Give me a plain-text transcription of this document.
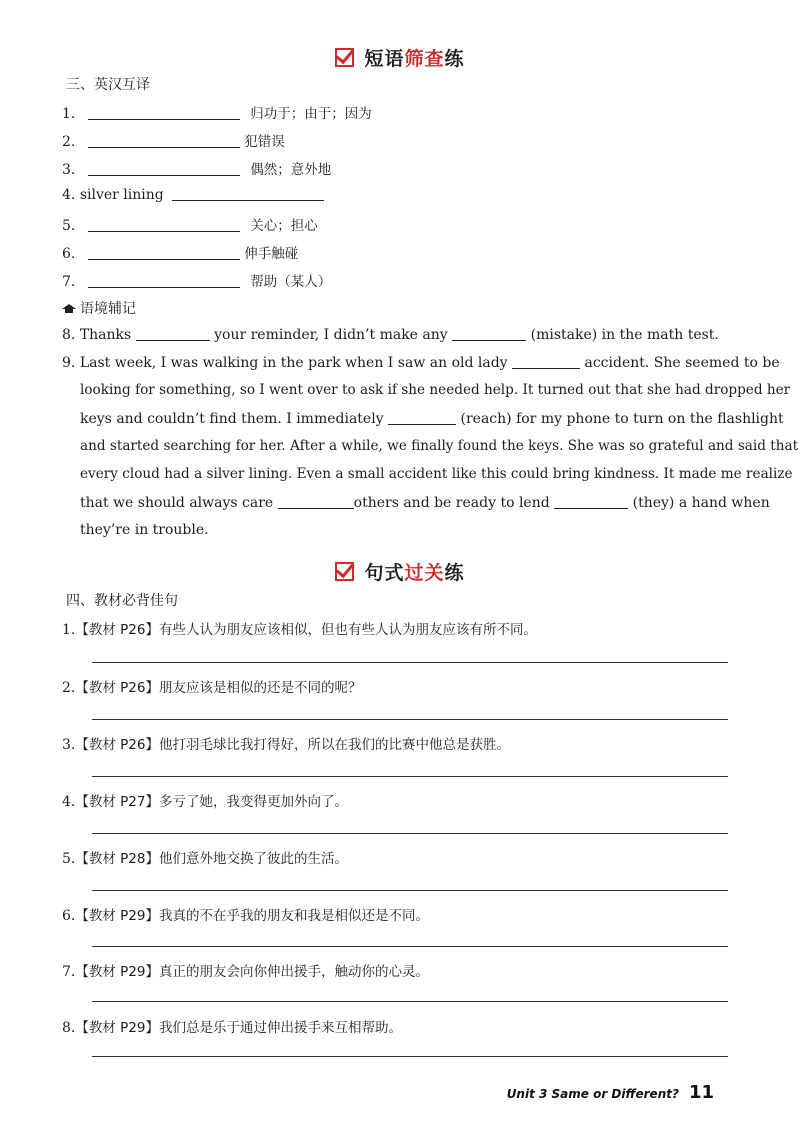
短语筛查练
三、英汉互译
1.	归功于；由于；因为
2.	犯错误
3.	偶然；意外地
4. silver lining
5.	关心；担心
6.	伸手触碰
7.	帮助（某人）
语境辅记
8. Thanks	your reminder, I didn’t make any	(mistake) in the math test.
9. Last week, I was walking in the park when I saw an old lady	accident. She seemed to be
looking for something, so I went over to ask if she needed help. It turned out that she had dropped her
keys and couldn’t find them. I immediately	(reach) for my phone to turn on the flashlight
and started searching for her. After a while, we finally found the keys. She was so grateful and said that
every cloud had a silver lining. Even a small accident like this could bring kindness. It made me realize
that we should always care	others and be ready to lend	(they) a hand when
they’re in trouble.
句式过关练
四、教材必背佳句
1.【教材 P26】有些人认为朋友应该相似，但也有些人认为朋友应该有所不同。
2.【教材 P26】朋友应该是相似的还是不同的呢？
3.【教材 P26】他打羽毛球比我打得好，所以在我们的比赛中他总是获胜。
4.【教材 P27】多亏了她，我变得更加外向了。
5.【教材 P28】他们意外地交换了彼此的生活。
6.【教材 P29】我真的不在乎我的朋友和我是相似还是不同。
7.【教材 P29】真正的朋友会向你伸出援手，触动你的心灵。
8.【教材 P29】我们总是乐于通过伸出援手来互相帮助。
Unit 3 Same or Different? 11
